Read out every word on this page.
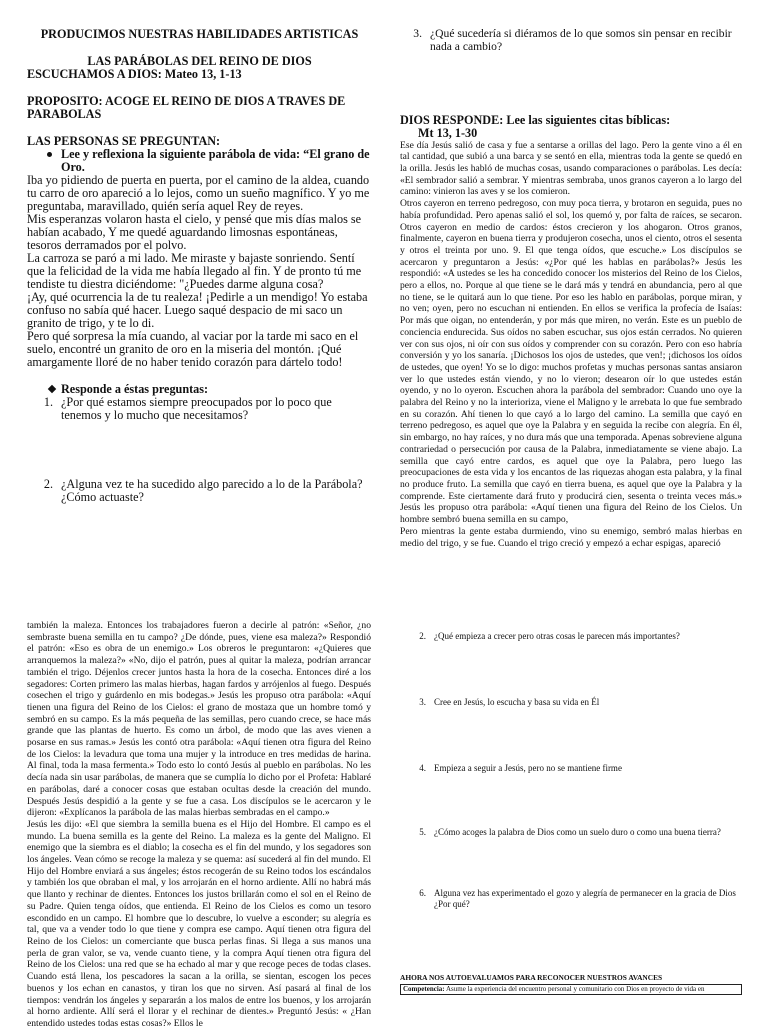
PRODUCIMOS NUESTRAS HABILIDADES ARTISTICAS
LAS PARÁBOLAS DEL REINO DE DIOS
ESCUCHAMOS A DIOS: Mateo 13, 1-13
PROPOSITO: ACOGE EL REINO DE DIOS A TRAVES DE PARABOLAS
LAS PERSONAS SE PREGUNTAN:
Lee y reflexiona la siguiente parábola de vida: “El grano de Oro.

Iba yo pidiendo de puerta en puerta, por el camino de la aldea, cuando tu carro de oro apareció a lo lejos, como un sueño magnífico. Y yo me preguntaba, maravillado, quién sería aquel Rey de reyes.

Mis esperanzas volaron hasta el cielo, y pensé que mis días malos se habían acabado, Y me quedé aguardando limosnas espontáneas, tesoros derramados por el polvo.

La carroza se paró a mi lado. Me miraste y bajaste sonriendo. Sentí que la felicidad de la vida me había llegado al fin. Y de pronto tú me tendiste tu diestra diciéndome: "¿Puedes darme alguna cosa?

¡Ay, qué ocurrencia la de tu realeza! ¡Pedirle a un mendigo! Yo estaba confuso no sabía qué hacer. Luego saqué despacio de mi saco un granito de trigo, y te lo di.

Pero qué sorpresa la mía cuando, al vaciar por la tarde mi saco en el suelo, encontré un granito de oro en la miseria del montón. ¡Qué amargamente lloré de no haber tenido corazón para dártelo todo!

Responde a éstas preguntas:
1. ¿Por qué estamos siempre preocupados por lo poco que tenemos y lo mucho que necesitamos?
2. ¿Alguna vez te ha sucedido algo parecido a lo de la Parábola? ¿Cómo actuaste?
3. ¿Qué sucedería si diéramos de lo que somos sin pensar en recibir nada a cambio?
DIOS RESPONDE: Lee las siguientes citas bíblicas:
Mt 13, 1-30

Ese día Jesús salió de casa y fue a sentarse a orillas del lago. Pero la gente vino a él en tal cantidad, que subió a una barca y se sentó en ella, mientras toda la gente se quedó en la orilla. Jesús les habló de muchas cosas, usando comparaciones o parábolas. Les decía: «El sembrador salió a sembrar. Y mientras sembraba, unos granos cayeron a lo largo del camino: vinieron las aves y se los comieron.

Otros cayeron en terreno pedregoso, con muy poca tierra, y brotaron en seguida, pues no había profundidad. Pero apenas salió el sol, los quemó y, por falta de raíces, se secaron. Otros cayeron en medio de cardos: éstos crecieron y los ahogaron. Otros granos, finalmente, cayeron en buena tierra y produjeron cosecha, unos el ciento, otros el sesenta y otros el treinta por uno. 9. El que tenga oídos, que escuche.» Los discípulos se acercaron y preguntaron a Jesús: «¿Por qué les hablas en parábolas?» Jesús les respondió: «A ustedes se les ha concedido conocer los misterios del Reino de los Cielos, pero a ellos, no. Porque al que tiene se le dará más y tendrá en abundancia, pero al que no tiene, se le quitará aun lo que tiene. Por eso les hablo en parábolas, porque miran, y no ven; oyen, pero no escuchan ni entienden. En ellos se verifica la profecía de Isaías: Por más que oigan, no entenderán, y por más que miren, no verán. Este es un pueblo de conciencia endurecida. Sus oídos no saben escuchar, sus ojos están cerrados. No quieren ver con sus ojos, ni oír con sus oídos y comprender con su corazón. Pero con eso habría conversión y yo los sanaría. ¡Dichosos los ojos de ustedes, que ven!; ¡dichosos los oídos de ustedes, que oyen! Yo se lo digo: muchos profetas y muchas personas santas ansiaron ver lo que ustedes están viendo, y no lo vieron; desearon oír lo que ustedes están oyendo, y no lo oyeron. Escuchen ahora la parábola del sembrador: Cuando uno oye la palabra del Reino y no la interioriza, viene el Maligno y le arrebata lo que fue sembrado en su corazón. Ahí tienen lo que cayó a lo largo del camino. La semilla que cayó en terreno pedregoso, es aquel que oye la Palabra y en seguida la recibe con alegría. En él, sin embargo, no hay raíces, y no dura más que una temporada. Apenas sobreviene alguna contrariedad o persecución por causa de la Palabra, inmediatamente se viene abajo. La semilla que cayó entre cardos, es aquel que oye la Palabra, pero luego las preocupaciones de esta vida y los encantos de las riquezas ahogan esta palabra, y la final no produce fruto. La semilla que cayó en tierra buena, es aquel que oye la Palabra y la comprende. Este ciertamente dará fruto y producirá cien, sesenta o treinta veces más.» Jesús les propuso otra parábola: «Aquí tienen una figura del Reino de los Cielos. Un hombre sembró buena semilla en su campo,

Pero mientras la gente estaba durmiendo, vino su enemigo, sembró malas hierbas en medio del trigo, y se fue. Cuando el trigo creció y empezó a echar espigas, apareció

también la maleza. Entonces los trabajadores fueron a decirle al patrón: «Señor, ¿no sembraste buena semilla en tu campo? ¿De dónde, pues, viene esa maleza?» Respondió el patrón: «Eso es obra de un enemigo.» Los obreros le preguntaron: «¿Quieres que arranquemos la maleza?» «No, dijo el patrón, pues al quitar la maleza, podrían arrancar también el trigo. Déjenlos crecer juntos hasta la hora de la cosecha. Entonces diré a los segadores: Corten primero las malas hierbas, hagan fardos y arrójenlos al fuego. Después cosechen el trigo y guárdenlo en mis bodegas.» Jesús les propuso otra parábola: «Aquí tienen una figura del Reino de los Cielos: el grano de mostaza que un hombre tomó y sembró en su campo. Es la más pequeña de las semillas, pero cuando crece, se hace más grande que las plantas de huerto. Es como un árbol, de modo que las aves vienen a posarse en sus ramas.» Jesús les contó otra parábola: «Aquí tienen otra figura del Reino de los Cielos: la levadura que toma una mujer y la introduce en tres medidas de harina. Al final, toda la masa fermenta.» Todo esto lo contó Jesús al pueblo en parábolas. No les decía nada sin usar parábolas, de manera que se cumplía lo dicho por el Profeta: Hablaré en parábolas, daré a conocer cosas que estaban ocultas desde la creación del mundo. Después Jesús despidió a la gente y se fue a casa. Los discípulos se le acercaron y le dijeron: «Explícanos la parábola de las malas hierbas sembradas en el campo.»

Jesús les dijo: «El que siembra la semilla buena es el Hijo del Hombre. El campo es el mundo. La buena semilla es la gente del Reino. La maleza es la gente del Maligno. El enemigo que la siembra es el diablo; la cosecha es el fin del mundo, y los segadores son los ángeles. Vean cómo se recoge la maleza y se quema: así sucederá al fin del mundo. El Hijo del Hombre enviará a sus ángeles; éstos recogerán de su Reino todos los escándalos y también los que obraban el mal, y los arrojarán en el horno ardiente. Allí no habrá más que llanto y rechinar de dientes. Entonces los justos brillarán como el sol en el Reino de su Padre. Quien tenga oídos, que entienda. El Reino de los Cielos es como un tesoro escondido en un campo. El hombre que lo descubre, lo vuelve a esconder; su alegría es tal, que va a vender todo lo que tiene y compra ese campo. Aquí tienen otra figura del Reino de los Cielos: un comerciante que busca perlas finas. Si llega a sus manos una perla de gran valor, se va, vende cuanto tiene, y la compra Aquí tienen otra figura del Reino de los Cielos: una red que se ha echado al mar y que recoge peces de todas clases. Cuando está llena, los pescadores la sacan a la orilla, se sientan, escogen los peces buenos y los echan en canastos, y tiran los que no sirven. Así pasará al final de los tiempos: vendrán los ángeles y separarán a los malos de entre los buenos, y los arrojarán al horno ardiente. Allí será el llorar y el rechinar de dientes.» Preguntó Jesús: « ¿Han entendido ustedes todas estas cosas?» Ellos le

2. ¿Qué empieza a crecer pero otras cosas le parecen más importantes?
3. Cree en Jesús, lo escucha y basa su vida en Él
4. Empieza a seguir a Jesús, pero no se mantiene firme
5. ¿Cómo acoges la palabra de Dios como un suelo duro o como una buena tierra?
6. Alguna vez has experimentado el gozo y alegría de permanecer en la gracia de Dios ¿Por qué?
AHORA NOS AUTOEVALUAMOS PARA RECONOCER NUESTROS AVANCES
Competencia: Asume la experiencia del encuentro personal y comunitario con Dios en proyecto de vida en
